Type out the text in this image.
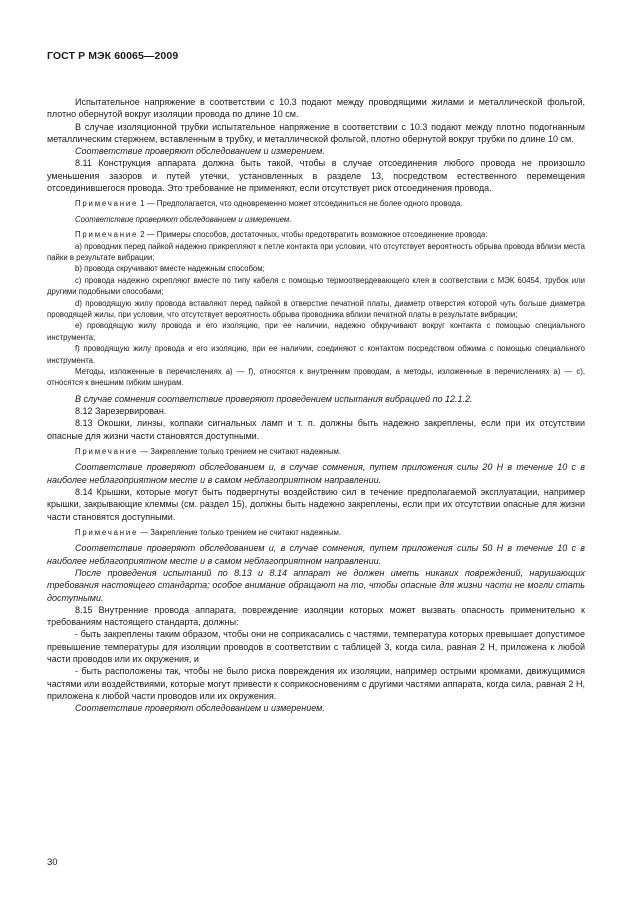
ГОСТ Р МЭК 60065—2009

Испытательное напряжение в соответствии с 10.3 подают между проводящими жилами и металлической фольгой, плотно обернутой вокруг изоляции провода по длине 10 см.

В случае изоляционной трубки испытательное напряжение в соответствии с 10.3 подают между плотно подогнанным металлическим стержнем, вставленным в трубку, и металлической фольгой, плотно обернутой вокруг трубки по длине 10 см.

Соответствие проверяют обследованием и измерением.

8.11 Конструкция аппарата должна быть такой, чтобы в случае отсоединения любого провода не произошло уменьшения зазоров и путей утечки, установленных в разделе 13, посредством естественного перемещения отсоединившегося провода. Это требование не применяют, если отсутствует риск отсоединения провода.

Примечание 1 — Предполагается, что одновременно может отсоединиться не более одного провода.

Соответствие проверяют обследованием и измерением.

Примечание 2 — Примеры способов, достаточных, чтобы предотвратить возможное отсоединение провода:

a) проводник перед пайкой надежно прикрепляют к петле контакта при условии, что отсутствует вероятность обрыва провода вблизи места пайки в результате вибрации;

b) провода скручивают вместе надежным способом;

c) провода надежно скрепляют вместе по типу кабеля с помощью термоотвердевающего клея в соответствии с МЭК 60454, трубок или другими подобными способами;

d) проводящую жилу провода вставляют перед пайкой в отверстие печатной платы, диаметр отверстия которой чуть больше диаметра проводящей жилы, при условии, что отсутствует вероятность обрыва проводника вблизи печатной платы в результате вибрации;

e) проводящую жилу провода и его изоляцию, при ее наличии, надежно обкручивают вокруг контакта с помощью специального инструмента;

f) проводящую жилу провода и его изоляцию, при ее наличии, соединяют с контактом посредством обжима с помощью специального инструмента.

Методы, изложенные в перечислениях а) — f), относятся к внутренним проводам, а методы, изложенные в перечислениях а) — с), относятся к внешним гибким шнурам.

В случае сомнения соответствие проверяют проведением испытания вибрацией по 12.1.2.

8.12 Зарезервирован.

8.13 Окошки, линзы, колпаки сигнальных ламп и т. п. должны быть надежно закреплены, если при их отсутствии опасные для жизни части становятся доступными.

Примечание — Закрепление только трением не считают надежным.

Соответствие проверяют обследованием и, в случае сомнения, путем приложения силы 20 Н в течение 10 с в наиболее неблагоприятном месте и в самом неблагоприятном направлении.

8.14 Крышки, которые могут быть подвергнуты воздействию сил в течение предполагаемой эксплуатации, например крышки, закрывающие клеммы (см. раздел 15), должны быть надежно закреплены, если при их отсутствии опасные для жизни части становятся доступными.

Примечание — Закрепление только трением не считают надежным.

Соответствие проверяют обследованием и, в случае сомнения, путем приложения силы 50 Н в течение 10 с в наиболее неблагоприятном месте и в самом неблагоприятном направлении.

После проведения испытаний по 8.13 и 8.14 аппарат не должен иметь никаких повреждений, нарушающих требования настоящего стандарта; особое внимание обращают на то, чтобы опасные для жизни части не могли стать доступными.

8.15 Внутренние провода аппарата, повреждение изоляции которых может вызвать опасность применительно к требованиям настоящего стандарта, должны:

- быть закреплены таким образом, чтобы они не соприкасались с частями, температура которых превышает допустимое превышение температуры для изоляции проводов в соответствии с таблицей 3, когда сила, равная 2 Н, приложена к любой части проводов или их окружения, и

- быть расположены так, чтобы не было риска повреждения их изоляции, например острыми кромками, движущимися частями или воздействиями, которые могут привести к соприкосновениям с другими частями аппарата, когда сила, равная 2 Н, приложена к любой части проводов или их окружения.

Соответствие проверяют обследованием и измерением.

30
